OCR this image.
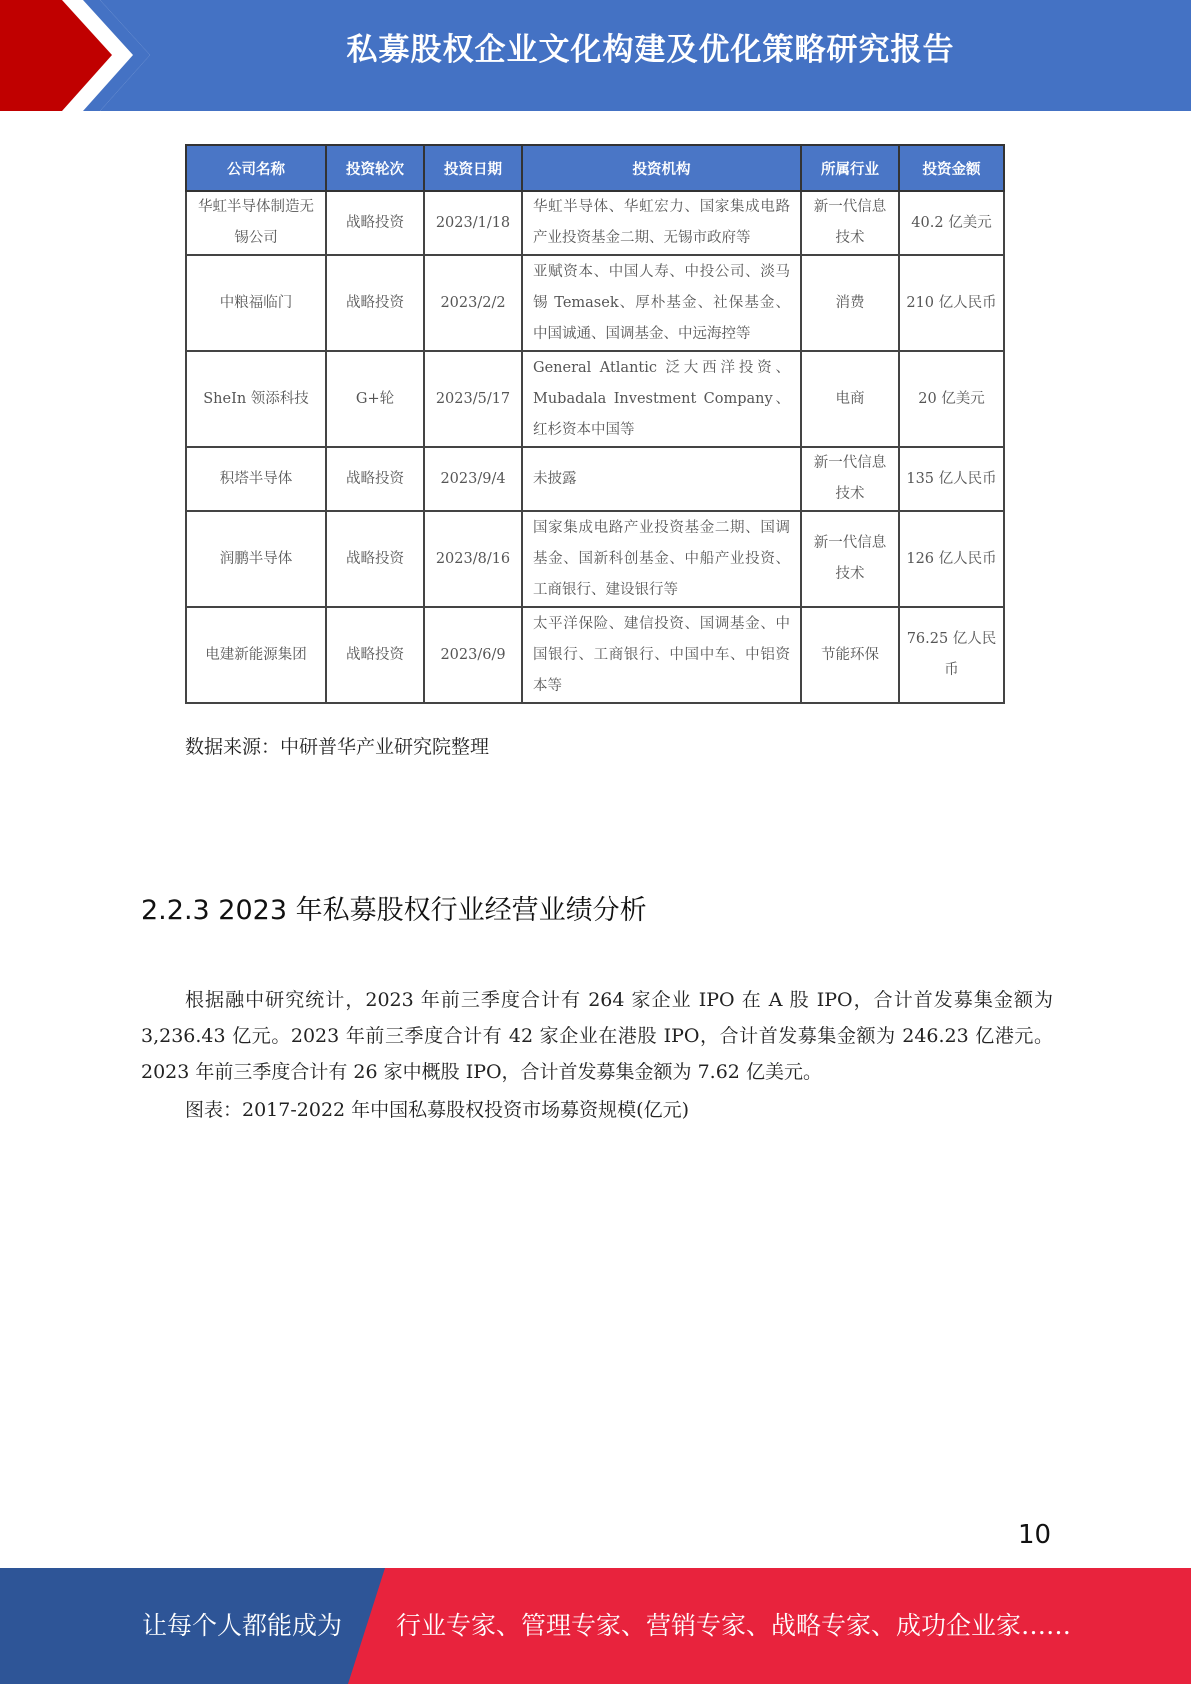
私募股权企业文化构建及优化策略研究报告
公司名称	投资轮次	投资日期	投资机构	所属行业	投资金额
华虹半导体制造无锡公司	战略投资	2023/1/18	华虹半导体、华虹宏力、国家集成电路产业投资基金二期、无锡市政府等	新一代信息技术	40.2 亿美元
中粮福临门	战略投资	2023/2/2	亚赋资本、中国人寿、中投公司、淡马锡 Temasek、厚朴基金、社保基金、中国诚通、国调基金、中远海控等	消费	210 亿人民币
SheIn 领添科技	G+轮	2023/5/17	General Atlantic 泛大西洋投资、Mubadala Investment Company、红杉资本中国等	电商	20 亿美元
积塔半导体	战略投资	2023/9/4	未披露	新一代信息技术	135 亿人民币
润鹏半导体	战略投资	2023/8/16	国家集成电路产业投资基金二期、国调基金、国新科创基金、中船产业投资、工商银行、建设银行等	新一代信息技术	126 亿人民币
电建新能源集团	战略投资	2023/6/9	太平洋保险、建信投资、国调基金、中国银行、工商银行、中国中车、中铝资本等	节能环保	76.25 亿人民币
数据来源：中研普华产业研究院整理
2.2.3 2023 年私募股权行业经营业绩分析

根据融中研究统计，2023 年前三季度合计有 264 家企业 IPO 在 A 股 IPO，合计首发募集金额为 3,236.43 亿元。2023 年前三季度合计有 42 家企业在港股 IPO，合计首发募集金额为 246.23 亿港元。2023 年前三季度合计有 26 家中概股 IPO，合计首发募集金额为 7.62 亿美元。

图表：2017-2022 年中国私募股权投资市场募资规模(亿元)
10
让每个人都能成为 行业专家、管理专家、营销专家、战略专家、成功企业家……
